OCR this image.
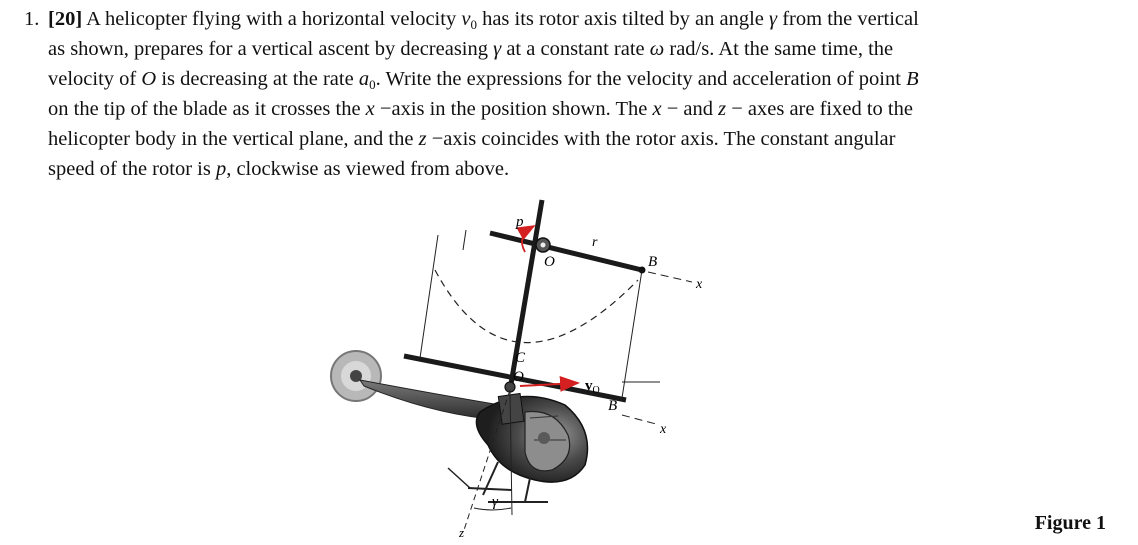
1. [20] A helicopter flying with a horizontal velocity $v_0$ has its rotor axis tilted by an angle γ from the vertical
as shown, prepares for a vertical ascent by decreasing γ at a constant rate ω rad/s. At the same time, the
velocity of O is decreasing at the rate $a_0$. Write the expressions for the velocity and acceleration of point B
on the tip of the blade as it crosses the x −axis in the position shown. The x − and z − axes are fixed to the
helicopter body in the vertical plane, and the z −axis coincides with the rotor axis. The constant angular
speed of the rotor is p, clockwise as viewed from above.
p
r
O	B
x
C
O
$v_O$
B
x
γ
z	Figure 1
